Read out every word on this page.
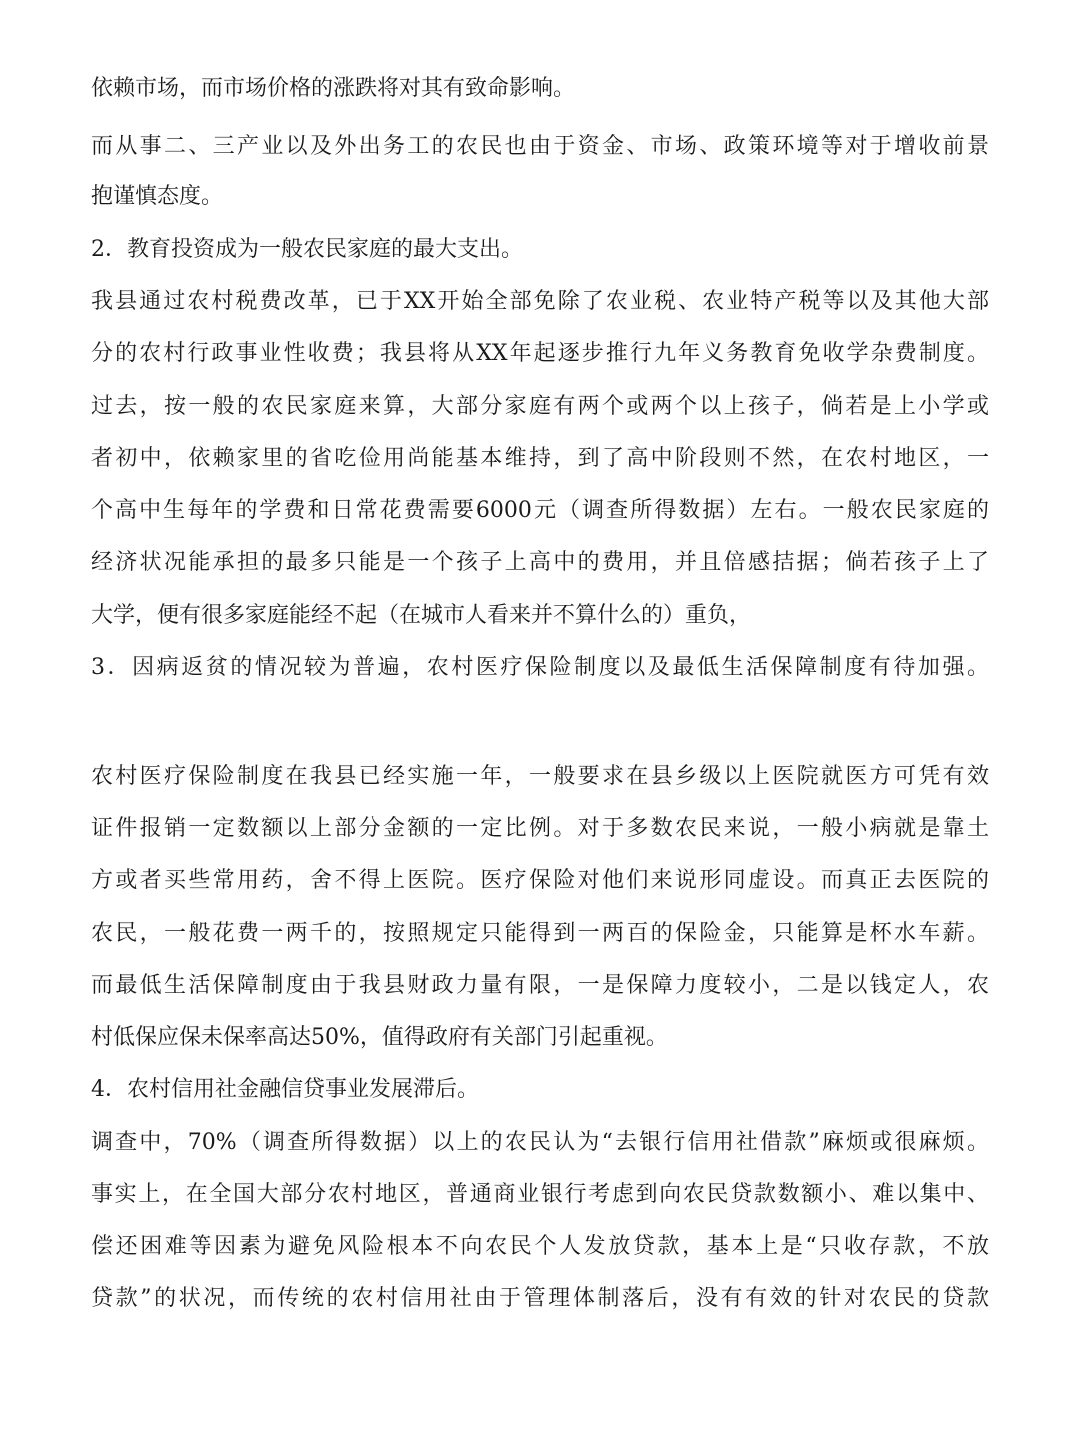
依赖市场，而市场价格的涨跌将对其有致命影响。
而从事二、三产业以及外出务工的农民也由于资金、市场、政策环境等对于增收前景
抱谨慎态度。
2．教育投资成为一般农民家庭的最大支出。
我县通过农村税费改革，已于XX开始全部免除了农业税、农业特产税等以及其他大部
分的农村行政事业性收费；我县将从XX年起逐步推行九年义务教育免收学杂费制度。
过去，按一般的农民家庭来算，大部分家庭有两个或两个以上孩子，倘若是上小学或
者初中，依赖家里的省吃俭用尚能基本维持，到了高中阶段则不然，在农村地区，一
个高中生每年的学费和日常花费需要6000元（调查所得数据）左右。一般农民家庭的
经济状况能承担的最多只能是一个孩子上高中的费用，并且倍感拮据；倘若孩子上了
大学，便有很多家庭能经不起（在城市人看来并不算什么的）重负，
3．因病返贫的情况较为普遍，农村医疗保险制度以及最低生活保障制度有待加强。
农村医疗保险制度在我县已经实施一年，一般要求在县乡级以上医院就医方可凭有效
证件报销一定数额以上部分金额的一定比例。对于多数农民来说，一般小病就是靠土
方或者买些常用药，舍不得上医院。医疗保险对他们来说形同虚设。而真正去医院的
农民，一般花费一两千的，按照规定只能得到一两百的保险金，只能算是杯水车薪。
而最低生活保障制度由于我县财政力量有限，一是保障力度较小，二是以钱定人，农
村低保应保未保率高达50%，值得政府有关部门引起重视。
4．农村信用社金融信贷事业发展滞后。
调查中，70%（调查所得数据）以上的农民认为“去银行信用社借款”麻烦或很麻烦。
事实上，在全国大部分农村地区，普通商业银行考虑到向农民贷款数额小、难以集中、
偿还困难等因素为避免风险根本不向农民个人发放贷款，基本上是“只收存款，不放
贷款”的状况，而传统的农村信用社由于管理体制落后，没有有效的针对农民的贷款
